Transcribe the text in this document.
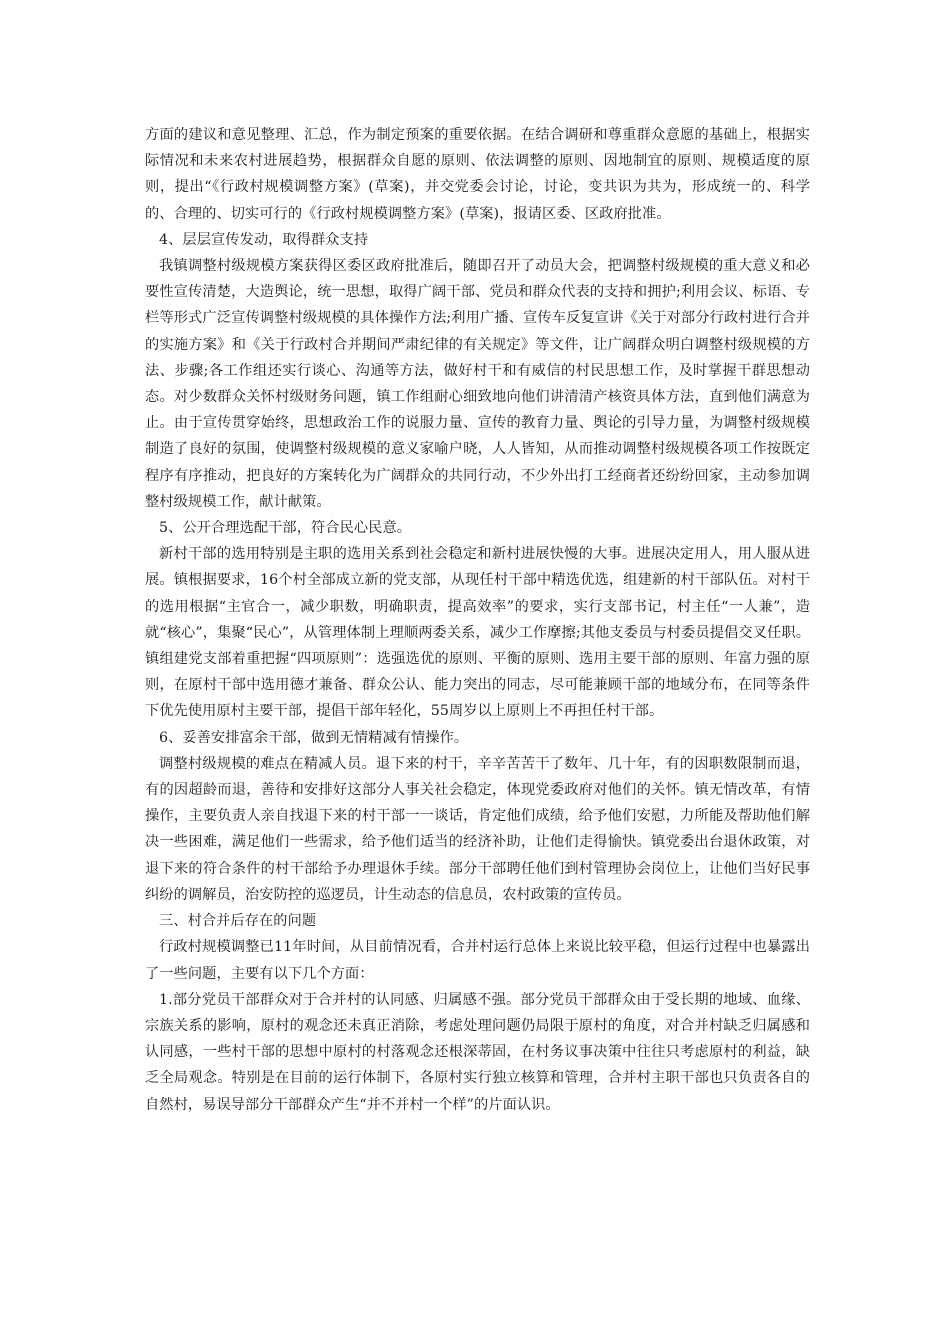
方面的建议和意见整理、汇总，作为制定预案的重要依据。在结合调研和尊重群众意愿的基础上，根据实际情况和未来农村进展趋势，根据群众自愿的原则、依法调整的原则、因地制宜的原则、规模适度的原则，提出“《行政村规模调整方案》(草案)，并交党委会讨论，讨论，变共识为共为，形成统一的、科学的、合理的、切实可行的《行政村规模调整方案》(草案)，报请区委、区政府批准。

4、层层宣传发动，取得群众支持

我镇调整村级规模方案获得区委区政府批准后，随即召开了动员大会，把调整村级规模的重大意义和必要性宣传清楚，大造舆论，统一思想，取得广阔干部、党员和群众代表的支持和拥护;利用会议、标语、专栏等形式广泛宣传调整村级规模的具体操作方法;利用广播、宣传车反复宣讲《关于对部分行政村进行合并的实施方案》和《关于行政村合并期间严肃纪律的有关规定》等文件，让广阔群众明白调整村级规模的方法、步骤;各工作组还实行谈心、沟通等方法，做好村干和有威信的村民思想工作，及时掌握干群思想动态。对少数群众关怀村级财务问题，镇工作组耐心细致地向他们讲清清产核资具体方法，直到他们满意为止。由于宣传贯穿始终，思想政治工作的说服力量、宣传的教育力量、舆论的引导力量，为调整村级规模制造了良好的氛围，使调整村级规模的意义家喻户晓，人人皆知，从而推动调整村级规模各项工作按既定程序有序推动，把良好的方案转化为广阔群众的共同行动，不少外出打工经商者还纷纷回家，主动参加调整村级规模工作，献计献策。

5、公开合理选配干部，符合民心民意。

新村干部的选用特别是主职的选用关系到社会稳定和新村进展快慢的大事。进展决定用人，用人服从进展。镇根据要求，16个村全部成立新的党支部，从现任村干部中精选优选，组建新的村干部队伍。对村干的选用根据“主官合一，减少职数，明确职责，提高效率”的要求，实行支部书记，村主任“一人兼”，造就“核心”，集聚“民心”，从管理体制上理顺两委关系，减少工作摩擦;其他支委员与村委员提倡交叉任职。镇组建党支部着重把握“四项原则”：选强选优的原则、平衡的原则、选用主要干部的原则、年富力强的原则，在原村干部中选用德才兼备、群众公认、能力突出的同志，尽可能兼顾干部的地域分布，在同等条件下优先使用原村主要干部，提倡干部年轻化，55周岁以上原则上不再担任村干部。

6、妥善安排富余干部，做到无情精减有情操作。

调整村级规模的难点在精减人员。退下来的村干，辛辛苦苦干了数年、几十年，有的因职数限制而退，有的因超龄而退，善待和安排好这部分人事关社会稳定，体现党委政府对他们的关怀。镇无情改革，有情操作，主要负责人亲自找退下来的村干部一一谈话，肯定他们成绩，给予他们安慰，力所能及帮助他们解决一些困难，满足他们一些需求，给予他们适当的经济补助，让他们走得愉快。镇党委出台退休政策，对退下来的符合条件的村干部给予办理退休手续。部分干部聘任他们到村管理协会岗位上，让他们当好民事纠纷的调解员，治安防控的巡逻员，计生动态的信息员，农村政策的宣传员。

三、村合并后存在的问题

行政村规模调整已11年时间，从目前情况看，合并村运行总体上来说比较平稳，但运行过程中也暴露出了一些问题，主要有以下几个方面：

1.部分党员干部群众对于合并村的认同感、归属感不强。部分党员干部群众由于受长期的地域、血缘、宗族关系的影响，原村的观念还未真正消除，考虑处理问题仍局限于原村的角度，对合并村缺乏归属感和认同感，一些村干部的思想中原村的村落观念还根深蒂固，在村务议事决策中往往只考虑原村的利益，缺乏全局观念。特别是在目前的运行体制下，各原村实行独立核算和管理，合并村主职干部也只负责各自的自然村，易误导部分干部群众产生“并不并村一个样”的片面认识。
